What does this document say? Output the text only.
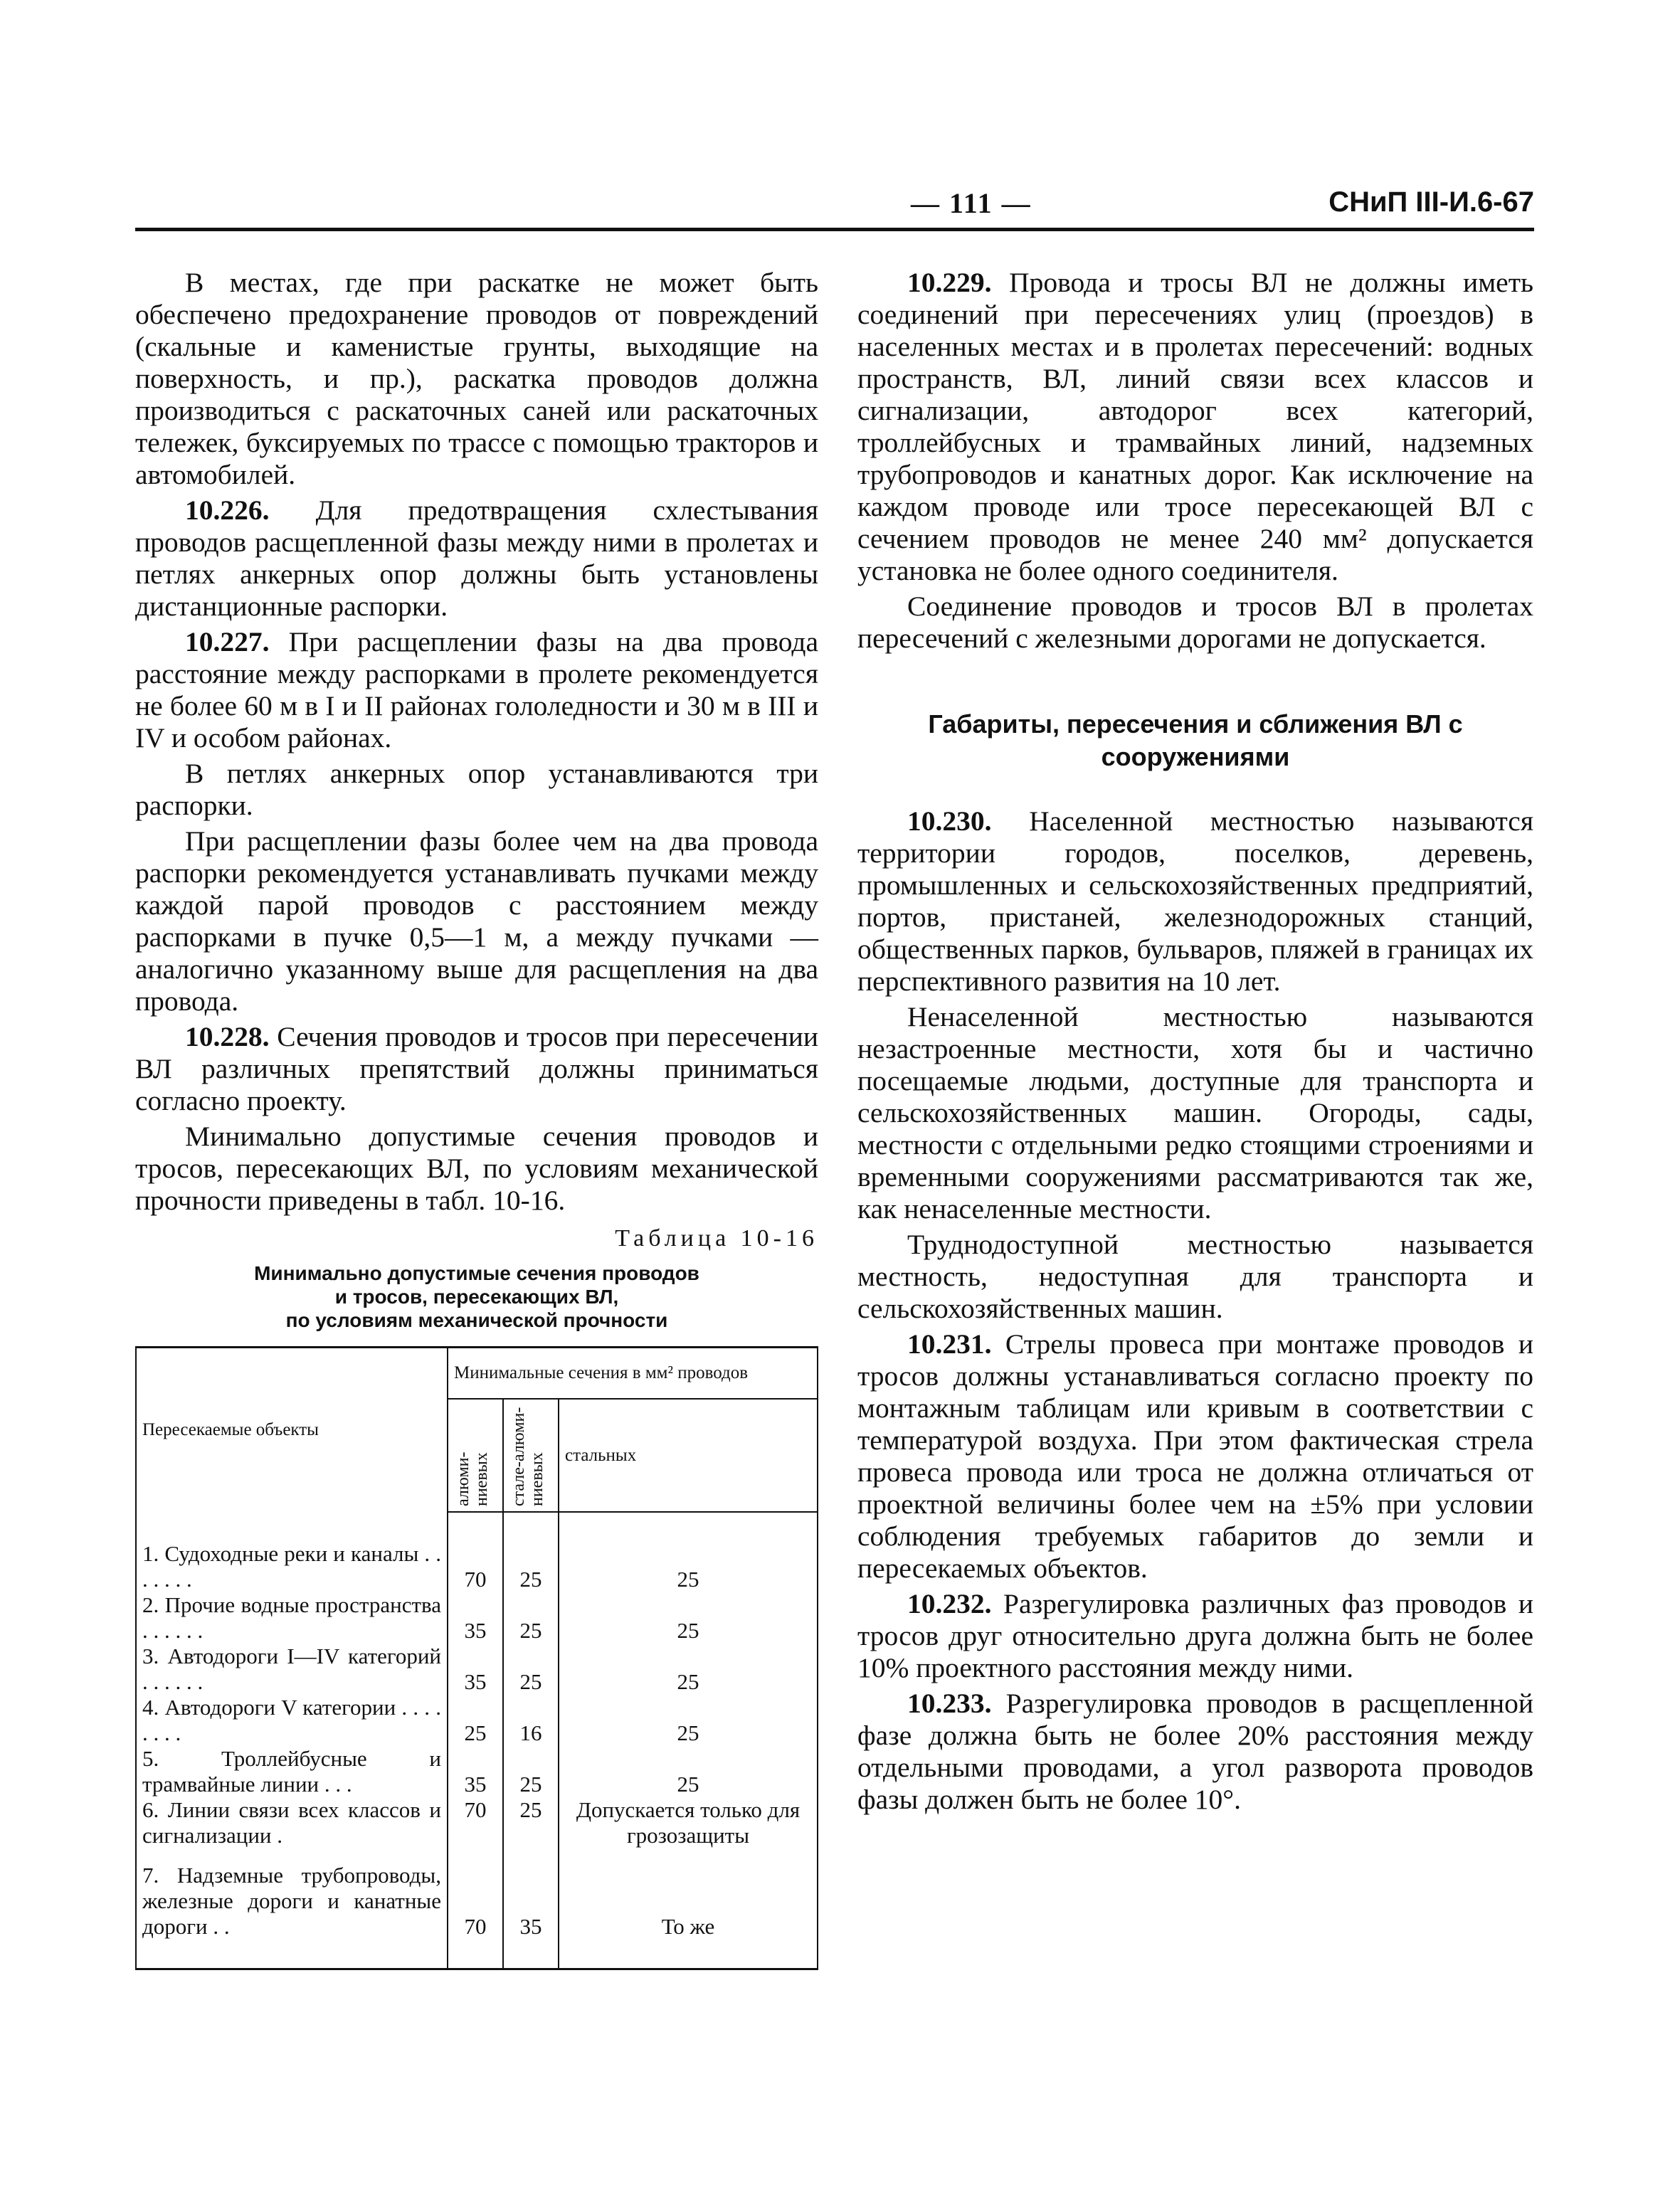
— 111 —	СНиП III-И.6-67

В местах, где при раскатке не может быть обеспечено предохранение проводов от повреждений (скальные и каменистые грунты, выходящие на поверхность, и пр.), раскатка проводов должна производиться с раскаточных саней или раскаточных тележек, буксируемых по трассе с помощью тракторов и автомобилей.

10.226. Для предотвращения схлестывания проводов расщепленной фазы между ними в пролетах и петлях анкерных опор должны быть установлены дистанционные распорки.

10.227. При расщеплении фазы на два провода расстояние между распорками в пролете рекомендуется не более 60 м в I и II районах гололедности и 30 м в III и IV и особом районах.

В петлях анкерных опор устанавливаются три распорки.

При расщеплении фазы более чем на два провода распорки рекомендуется устанавливать пучками между каждой парой проводов с расстоянием между распорками в пучке 0,5—1 м, а между пучками — аналогично указанному выше для расщепления на два провода.

10.228. Сечения проводов и тросов при пересечении ВЛ различных препятствий должны приниматься согласно проекту.

Минимально допустимые сечения проводов и тросов, пересекающих ВЛ, по условиям механической прочности приведены в табл. 10-16.

Таблица 10-16
Минимально допустимые сечения проводов
и тросов, пересекающих ВЛ,
по условиям механической прочности
Пересекаемые объекты	Минимальные сечения в мм² проводов		
	алюми-ниевых	стале-алюми-ниевых	стальных

1. Судоходные реки и каналы . . . . . . .	70	25	25
2. Прочие водные пространства . . . . . .	35	25	25
3. Автодороги I—IV категорий . . . . . .	35	25	25
4. Автодороги V категории . . . . . . . .	25	16	25
5. Троллейбусные и трамвайные линии . . .	35	25	25
6. Линии связи всех классов и сигнализации .	70	25	Допускается только для грозозащиты
7. Надземные трубопроводы, железные дороги и канатные дороги . .	70	35	То же

10.229. Провода и тросы ВЛ не должны иметь соединений при пересечениях улиц (проездов) в населенных местах и в пролетах пересечений: водных пространств, ВЛ, линий связи всех классов и сигнализации, автодорог всех категорий, троллейбусных и трамвайных линий, надземных трубопроводов и канатных дорог. Как исключение на каждом проводе или тросе пересекающей ВЛ с сечением проводов не менее 240 мм² допускается установка не более одного соединителя.

Соединение проводов и тросов ВЛ в пролетах пересечений с железными дорогами не допускается.

Габариты, пересечения и сближения ВЛ с сооружениями

10.230. Населенной местностью называются территории городов, поселков, деревень, промышленных и сельскохозяйственных предприятий, портов, пристаней, железнодорожных станций, общественных парков, бульваров, пляжей в границах их перспективного развития на 10 лет.

Ненаселенной местностью называются незастроенные местности, хотя бы и частично посещаемые людьми, доступные для транспорта и сельскохозяйственных машин. Огороды, сады, местности с отдельными редко стоящими строениями и временными сооружениями рассматриваются так же, как ненаселенные местности.

Труднодоступной местностью называется местность, недоступная для транспорта и сельскохозяйственных машин.

10.231. Стрелы провеса при монтаже проводов и тросов должны устанавливаться согласно проекту по монтажным таблицам или кривым в соответствии с температурой воздуха. При этом фактическая стрела провеса провода или троса не должна отличаться от проектной величины более чем на ±5% при условии соблюдения требуемых габаритов до земли и пересекаемых объектов.

10.232. Разрегулировка различных фаз проводов и тросов друг относительно друга должна быть не более 10% проектного расстояния между ними.

10.233. Разрегулировка проводов в расщепленной фазе должна быть не более 20% расстояния между отдельными проводами, а угол разворота проводов фазы должен быть не более 10°.
